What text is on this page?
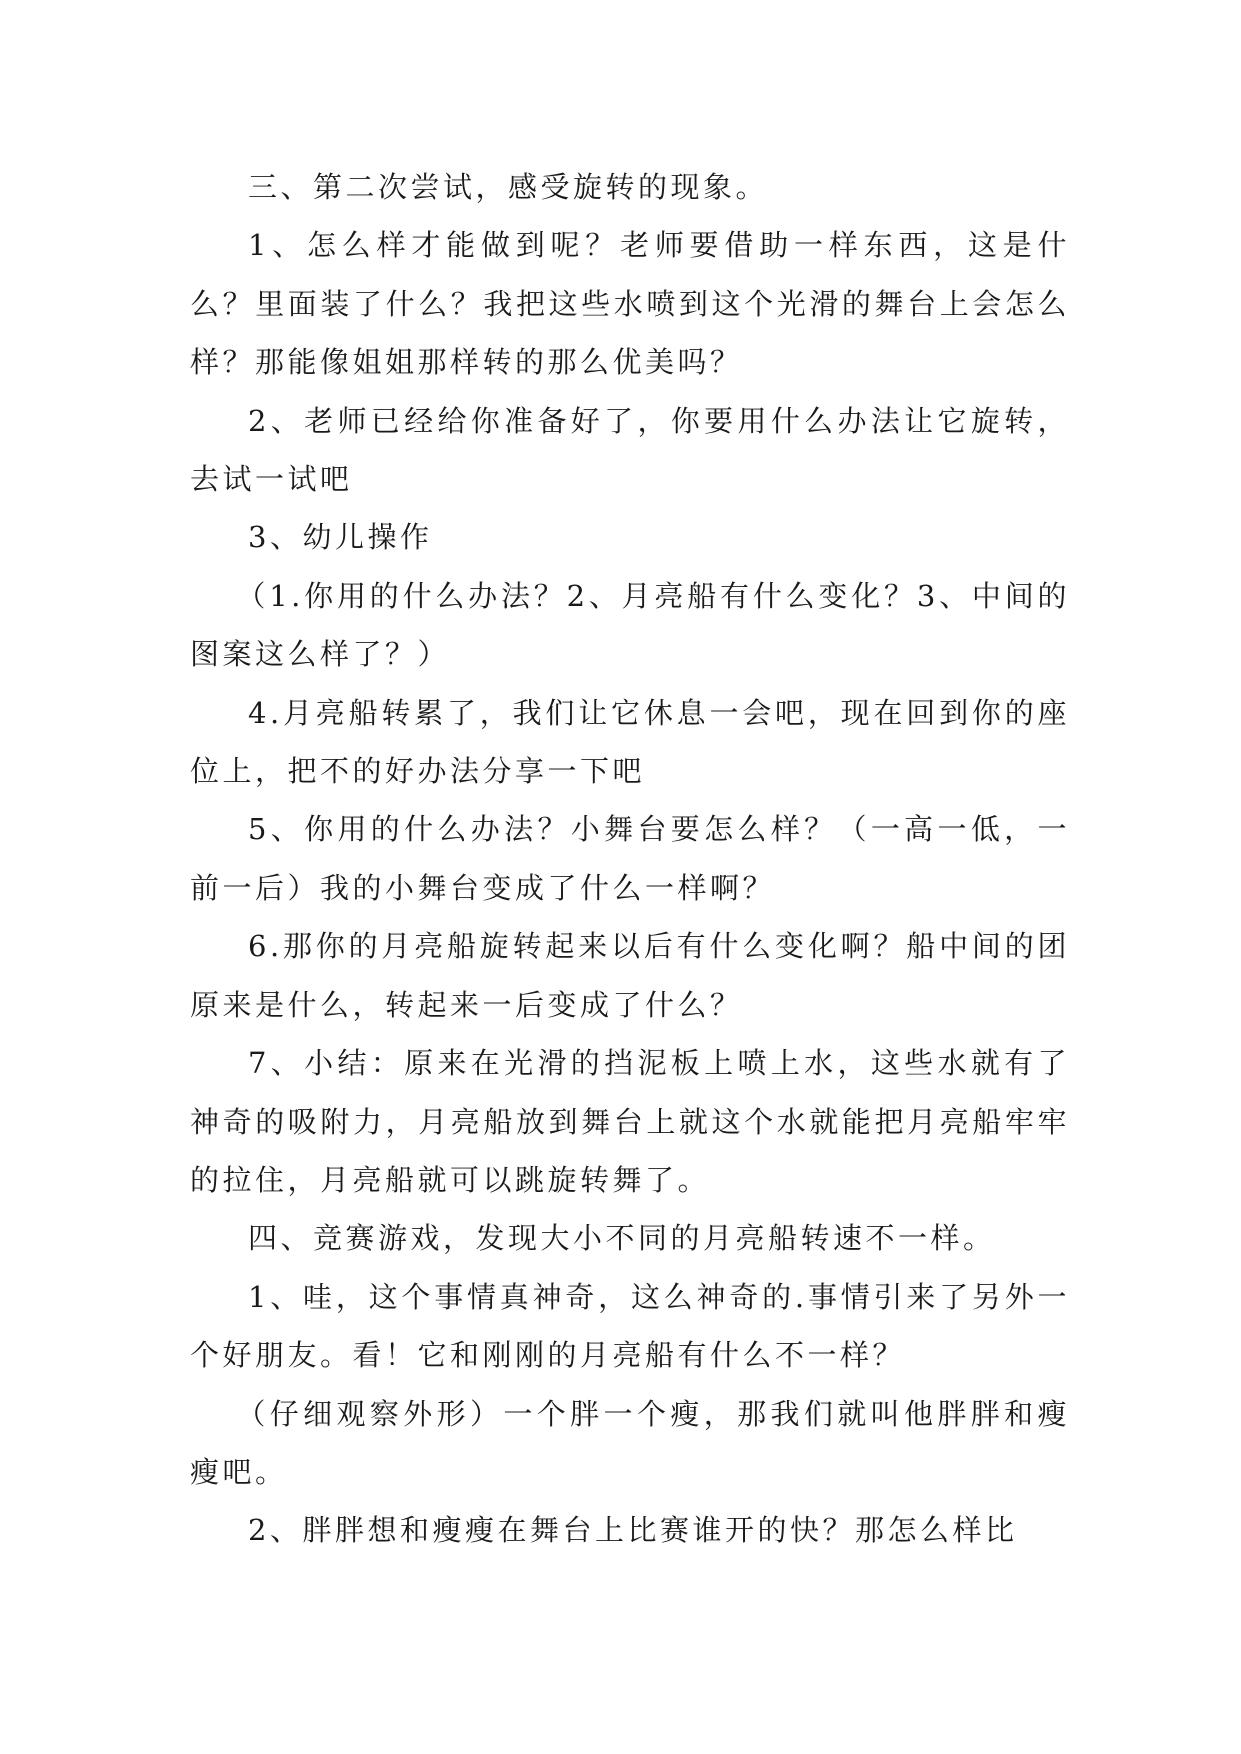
三、第二次尝试，感受旋转的现象。

1、怎么样才能做到呢？老师要借助一样东西，这是什么？里面装了什么？我把这些水喷到这个光滑的舞台上会怎么样？那能像姐姐那样转的那么优美吗？

2、老师已经给你准备好了，你要用什么办法让它旋转，去试一试吧

3、幼儿操作

（1.你用的什么办法？2、月亮船有什么变化？3、中间的图案这么样了？）

4.月亮船转累了，我们让它休息一会吧，现在回到你的座位上，把不的好办法分享一下吧

5、你用的什么办法？小舞台要怎么样？（一高一低，一前一后）我的小舞台变成了什么一样啊？

6.那你的月亮船旋转起来以后有什么变化啊？船中间的团原来是什么，转起来一后变成了什么？

7、小结：原来在光滑的挡泥板上喷上水，这些水就有了神奇的吸附力，月亮船放到舞台上就这个水就能把月亮船牢牢的拉住，月亮船就可以跳旋转舞了。

四、竞赛游戏，发现大小不同的月亮船转速不一样。

1、哇，这个事情真神奇，这么神奇的.事情引来了另外一个好朋友。看！它和刚刚的月亮船有什么不一样？

（仔细观察外形）一个胖一个瘦，那我们就叫他胖胖和瘦瘦吧。

2、胖胖想和瘦瘦在舞台上比赛谁开的快？那怎么样比
